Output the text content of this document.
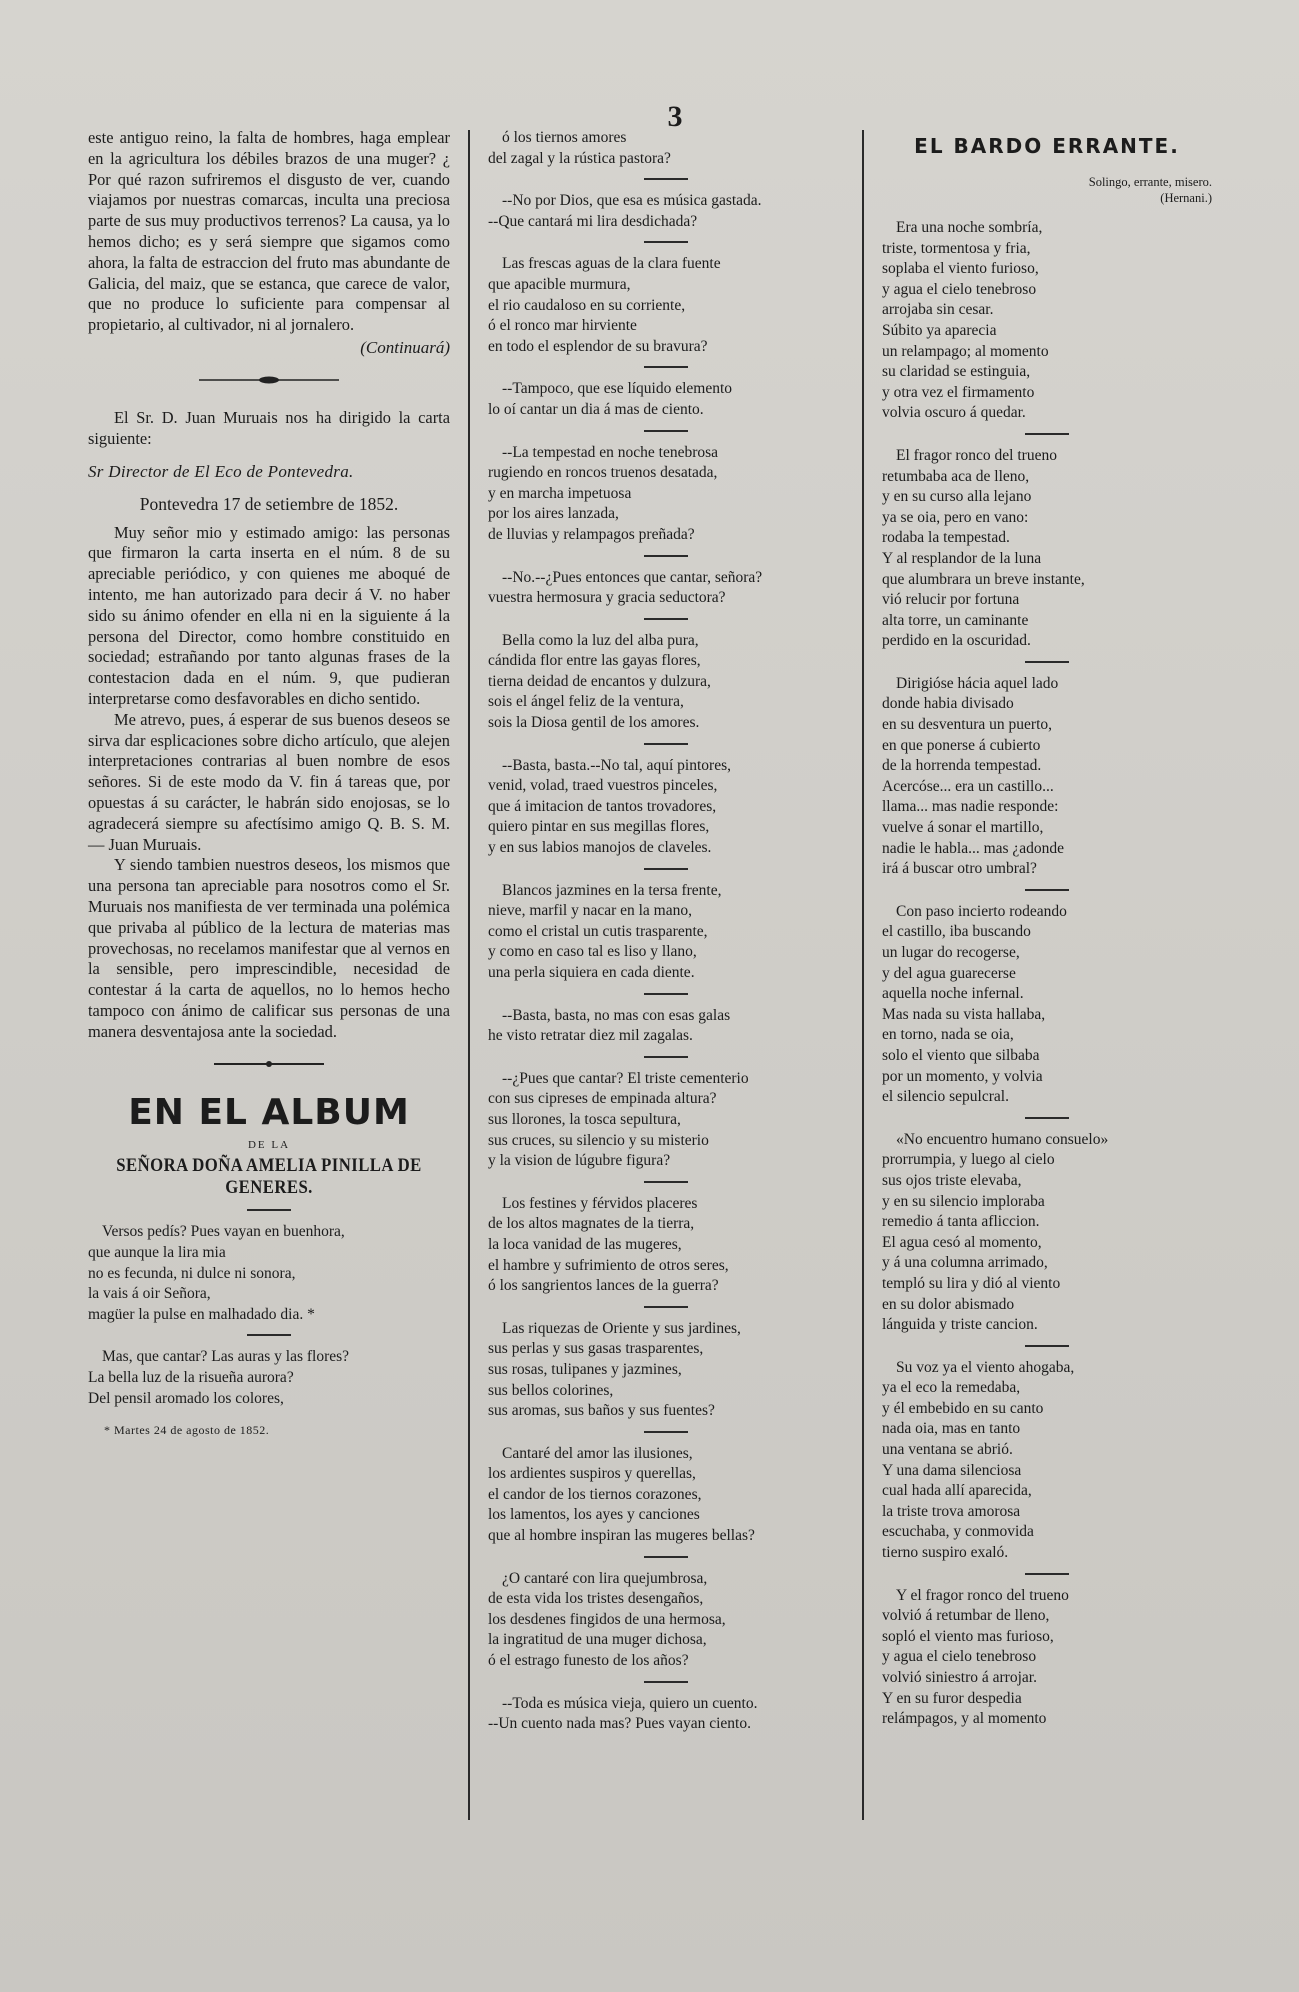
3

este antiguo reino, la falta de hombres, haga emplear en la agricultura los débiles brazos de una muger? ¿ Por qué razon sufriremos el disgusto de ver, cuando viajamos por nuestras comarcas, inculta una preciosa parte de sus muy productivos terrenos? La causa, ya lo hemos dicho; es y será siempre que sigamos como ahora, la falta de estraccion del fruto mas abundante de Galicia, del maiz, que se estanca, que carece de valor, que no produce lo suficiente para compensar al propietario, al cultivador, ni al jornalero.

(Continuará)

El Sr. D. Juan Muruais nos ha dirigido la carta siguiente:

Sr Director de El Eco de Pontevedra.
Pontevedra 17 de setiembre de 1852.

Muy señor mio y estimado amigo: las personas que firmaron la carta inserta en el núm. 8 de su apreciable periódico, y con quienes me aboqué de intento, me han autorizado para decir á V. no haber sido su ánimo ofender en ella ni en la siguiente á la persona del Director, como hombre constituido en sociedad; estrañando por tanto algunas frases de la contestacion dada en el núm. 9, que pudieran interpretarse como desfavorables en dicho sentido.

Me atrevo, pues, á esperar de sus buenos deseos se sirva dar esplicaciones sobre dicho artículo, que alejen interpretaciones contrarias al buen nombre de esos señores. Si de este modo da V. fin á tareas que, por opuestas á su carácter, le habrán sido enojosas, se lo agradecerá siempre su afectísimo amigo Q. B. S. M. — Juan Muruais.

Y siendo tambien nuestros deseos, los mismos que una persona tan apreciable para nosotros como el Sr. Muruais nos manifiesta de ver terminada una polémica que privaba al público de la lectura de materias mas provechosas, no recelamos manifestar que al vernos en la sensible, pero imprescindible, necesidad de contestar á la carta de aquellos, no lo hemos hecho tampoco con ánimo de calificar sus personas de una manera desventajosa ante la sociedad.

EN EL ALBUM
DE LA
SEÑORA DOÑA AMELIA PINILLA DE GENERES.
Versos pedís? Pues vayan en buenhora,
que aunque la lira mia
no es fecunda, ni dulce ni sonora,
la vais á oir Señora,
magüer la pulse en malhadado dia. *
Mas, que cantar? Las auras y las flores?
La bella luz de la risueña aurora?
Del pensil aromado los colores,
* Martes 24 de agosto de 1852.
ó los tiernos amores
del zagal y la rústica pastora?
--No por Dios, que esa es música gastada.
--Que cantará mi lira desdichada?
Las frescas aguas de la clara fuente
que apacible murmura,
el rio caudaloso en su corriente,
ó el ronco mar hirviente
en todo el esplendor de su bravura?
--Tampoco, que ese líquido elemento
lo oí cantar un dia á mas de ciento.
--La tempestad en noche tenebrosa
rugiendo en roncos truenos desatada,
y en marcha impetuosa
por los aires lanzada,
de lluvias y relampagos preñada?
--No.--¿Pues entonces que cantar, señora?
vuestra hermosura y gracia seductora?
Bella como la luz del alba pura,
cándida flor entre las gayas flores,
tierna deidad de encantos y dulzura,
sois el ángel feliz de la ventura,
sois la Diosa gentil de los amores.
--Basta, basta.--No tal, aquí pintores,
venid, volad, traed vuestros pinceles,
que á imitacion de tantos trovadores,
quiero pintar en sus megillas flores,
y en sus labios manojos de claveles.
Blancos jazmines en la tersa frente,
nieve, marfil y nacar en la mano,
como el cristal un cutis trasparente,
y como en caso tal es liso y llano,
una perla siquiera en cada diente.
--Basta, basta, no mas con esas galas
he visto retratar diez mil zagalas.
--¿Pues que cantar? El triste cementerio
con sus cipreses de empinada altura?
sus llorones, la tosca sepultura,
sus cruces, su silencio y su misterio
y la vision de lúgubre figura?
Los festines y férvidos placeres
de los altos magnates de la tierra,
la loca vanidad de las mugeres,
el hambre y sufrimiento de otros seres,
ó los sangrientos lances de la guerra?
Las riquezas de Oriente y sus jardines,
sus perlas y sus gasas trasparentes,
sus rosas, tulipanes y jazmines,
sus bellos colorines,
sus aromas, sus baños y sus fuentes?
Cantaré del amor las ilusiones,
los ardientes suspiros y querellas,
el candor de los tiernos corazones,
los lamentos, los ayes y canciones
que al hombre inspiran las mugeres bellas?
¿O cantaré con lira quejumbrosa,
de esta vida los tristes desengaños,
los desdenes fingidos de una hermosa,
la ingratitud de una muger dichosa,
ó el estrago funesto de los años?
--Toda es música vieja, quiero un cuento.
--Un cuento nada mas? Pues vayan ciento.
EL BARDO ERRANTE.
Solingo, errante, misero.
(Hernani.)
Era una noche sombría,
triste, tormentosa y fria,
soplaba el viento furioso,
y agua el cielo tenebroso
arrojaba sin cesar.
Súbito ya aparecia
un relampago; al momento
su claridad se estinguia,
y otra vez el firmamento
volvia oscuro á quedar.
El fragor ronco del trueno
retumbaba aca de lleno,
y en su curso alla lejano
ya se oia, pero en vano:
rodaba la tempestad.
Y al resplandor de la luna
que alumbrara un breve instante,
vió relucir por fortuna
alta torre, un caminante
perdido en la oscuridad.
Dirigióse hácia aquel lado
donde habia divisado
en su desventura un puerto,
en que ponerse á cubierto
de la horrenda tempestad.
Acercóse... era un castillo...
llama... mas nadie responde:
vuelve á sonar el martillo,
nadie le habla... mas ¿adonde
irá á buscar otro umbral?
Con paso incierto rodeando
el castillo, iba buscando
un lugar do recogerse,
y del agua guarecerse
aquella noche infernal.
Mas nada su vista hallaba,
en torno, nada se oia,
solo el viento que silbaba
por un momento, y volvia
el silencio sepulcral.
«No encuentro humano consuelo»
prorrumpia, y luego al cielo
sus ojos triste elevaba,
y en su silencio imploraba
remedio á tanta afliccion.
El agua cesó al momento,
y á una columna arrimado,
templó su lira y dió al viento
en su dolor abismado
lánguida y triste cancion.
Su voz ya el viento ahogaba,
ya el eco la remedaba,
y él embebido en su canto
nada oia, mas en tanto
una ventana se abrió.
Y una dama silenciosa
cual hada allí aparecida,
la triste trova amorosa
escuchaba, y conmovida
tierno suspiro exaló.
Y el fragor ronco del trueno
volvió á retumbar de lleno,
sopló el viento mas furioso,
y agua el cielo tenebroso
volvió siniestro á arrojar.
Y en su furor despedia
relámpagos, y al momento
